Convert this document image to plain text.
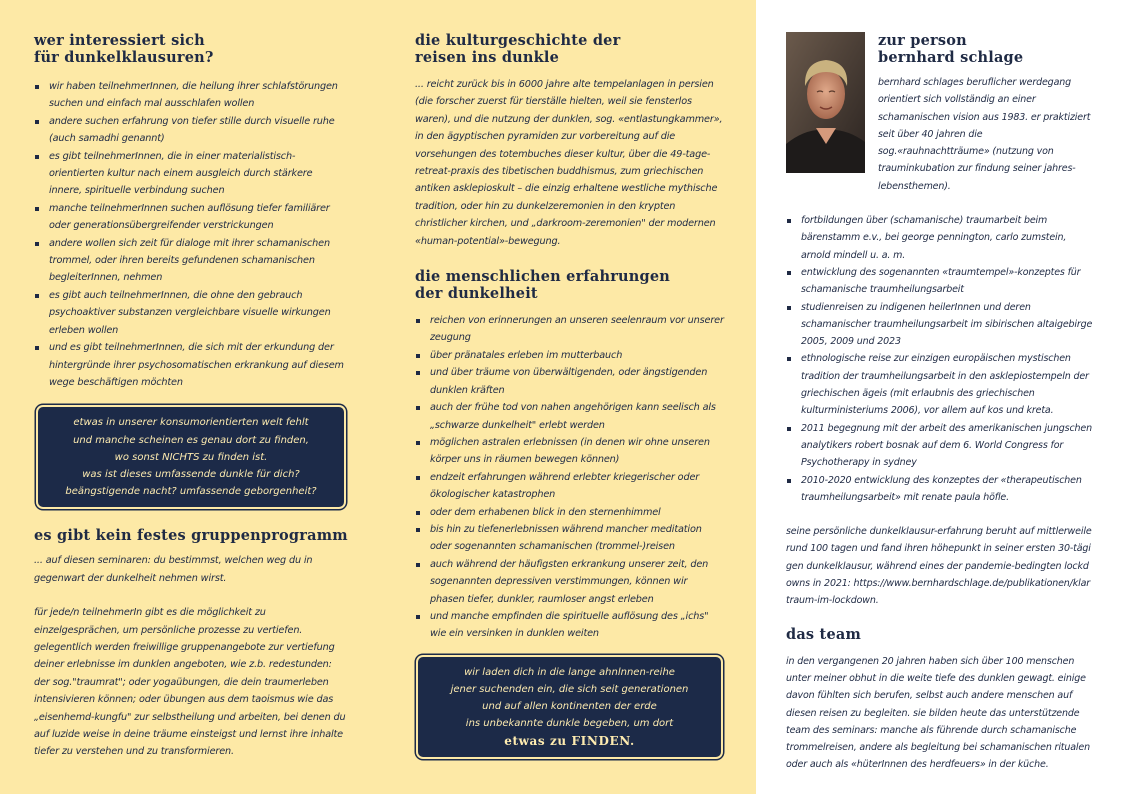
wer interessiert sich
für dunkelklausuren?
wir haben teilnehmerInnen, die heilung ihrer schlafstörungen suchen und einfach mal ausschlafen wollen
andere suchen erfahrung von tiefer stille durch visuelle ruhe (auch samadhi genannt)
es gibt teilnehmerInnen, die in einer materialistisch-orientierten kultur nach einem ausgleich durch stärkere innere, spirituelle verbindung suchen
manche teilnehmerInnen suchen auflösung tiefer familiärer oder generationsübergreifender verstrickungen
andere wollen sich zeit für dialoge mit ihrer schamanischen trommel, oder ihren bereits gefundenen schamanischen begleiterInnen, nehmen
es gibt auch teilnehmerInnen, die ohne den gebrauch psychoaktiver substanzen vergleichbare visuelle wirkungen erleben wollen
und es gibt teilnehmerInnen, die sich mit der erkundung der hintergründe ihrer psychosomatischen erkrankung auf diesem wege beschäftigen möchten
etwas in unserer konsumorientierten welt fehlt
und manche scheinen es genau dort zu finden,
wo sonst NICHTS zu finden ist.
was ist dieses umfassende dunkle für dich?
beängstigende nacht? umfassende geborgenheit?
es gibt kein festes gruppenprogramm

... auf diesen seminaren: du bestimmst, welchen weg du in gegenwart der dunkelheit nehmen wirst.

für jede/n teilnehmerIn gibt es die möglichkeit zu einzelgesprächen, um persönliche prozesse zu vertiefen. gelegentlich werden freiwillige gruppenangebote zur vertiefung deiner erlebnisse im dunklen angeboten, wie z.b. redestunden: der sog."traumrat"; oder yogaübungen, die dein traumerleben intensivieren können; oder übungen aus dem taoismus wie das „eisenhemd-kungfu" zur selbstheilung und arbeiten, bei denen du auf luzide weise in deine träume einsteigst und lernst ihre inhalte tiefer zu verstehen und zu transformieren.

die kulturgeschichte der
reisen ins dunkle

... reicht zurück bis in 6000 jahre alte tempelanlagen in persien (die forscher zuerst für tierställe hielten, weil sie fensterlos waren), und die nutzung der dunklen, sog. «entlastungkammer», in den ägyptischen pyramiden zur vorbereitung auf die vorsehungen des totembuches dieser kultur, über die 49-tage-retreat-praxis des tibetischen buddhismus, zum griechischen antiken asklepioskult – die einzig erhaltene westliche mythische tradition, oder hin zu dunkelzeremonien in den krypten christlicher kirchen, und „darkroom-zeremonien" der modernen «human-potential»-bewegung.

die menschlichen erfahrungen
der dunkelheit
reichen von erinnerungen an unseren seelenraum vor unserer zeugung
über pränatales erleben im mutterbauch
und über träume von überwältigenden, oder ängstigenden dunklen kräften
auch der frühe tod von nahen angehörigen kann seelisch als „schwarze dunkelheit" erlebt werden
möglichen astralen erlebnissen (in denen wir ohne unseren körper uns in räumen bewegen können)
endzeit erfahrungen während erlebter kriegerischer oder ökologischer katastrophen
oder dem erhabenen blick in den sternenhimmel
bis hin zu tiefenerlebnissen während mancher meditation oder sogenannten schamanischen (trommel-)reisen
auch während der häufigsten erkrankung unserer zeit, den sogenannten depressiven verstimmungen, können wir phasen tiefer, dunkler, raumloser angst erleben
und manche empfinden die spirituelle auflösung des „ichs" wie ein versinken in dunklen weiten
wir laden dich in die lange ahnlnnen-reihe
jener suchenden ein, die sich seit generationen
und auf allen kontinenten der erde
ins unbekannte dunkle begeben, um dort
etwas zu FINDEN.
zur person
bernhard schlage

bernhard schlages beruflicher werdegang orientiert sich vollständig an einer schamanischen vision aus 1983. er praktiziert seit über 40 jahren die sog.«rauhnachtträume» (nutzung von trauminkubation zur findung seiner jahres-lebensthemen).

fortbildungen über (schamanische) traumarbeit beim bärenstamm e.v., bei george pennington, carlo zumstein, arnold mindell u. a. m.
entwicklung des sogenannten «traumtempel»-konzeptes für schamanische traumheilungsarbeit
studienreisen zu indigenen heilerInnen und deren schamanischer traumheilungsarbeit im sibirischen altaigebirge 2005, 2009 und 2023
ethnologische reise zur einzigen europäischen mystischen tradition der traumheilungsarbeit in den asklepiostempeln der griechischen ägeis (mit erlaubnis des griechischen kulturministeriums 2006), vor allem auf kos und kreta.
2011 begegnung mit der arbeit des amerikanischen jungschen analytikers robert bosnak auf dem 6. World Congress for Psychotherapy in sydney
2010-2020 entwicklung des konzeptes der «therapeutischen traumheilungsarbeit» mit renate paula höfle.

seine persönliche dunkelklausur-erfahrung beruht auf mittlerweile rund 100 tagen und fand ihren höhepunkt in seiner ersten 30-tägigen dunkelklausur, während eines der pandemie-bedingten lockdowns in 2021: https://www.bernhardschlage.de/publikationen/klartraum-im-lockdown.

das team

in den vergangenen 20 jahren haben sich über 100 menschen unter meiner obhut in die weite tiefe des dunklen gewagt. einige davon fühlten sich berufen, selbst auch andere menschen auf diesen reisen zu begleiten. sie bilden heute das unterstützende team des seminars: manche als führende durch schamanische trommelreisen, andere als begleitung bei schamanischen ritualen oder auch als «hüterInnen des herdfeuers» in der küche.
